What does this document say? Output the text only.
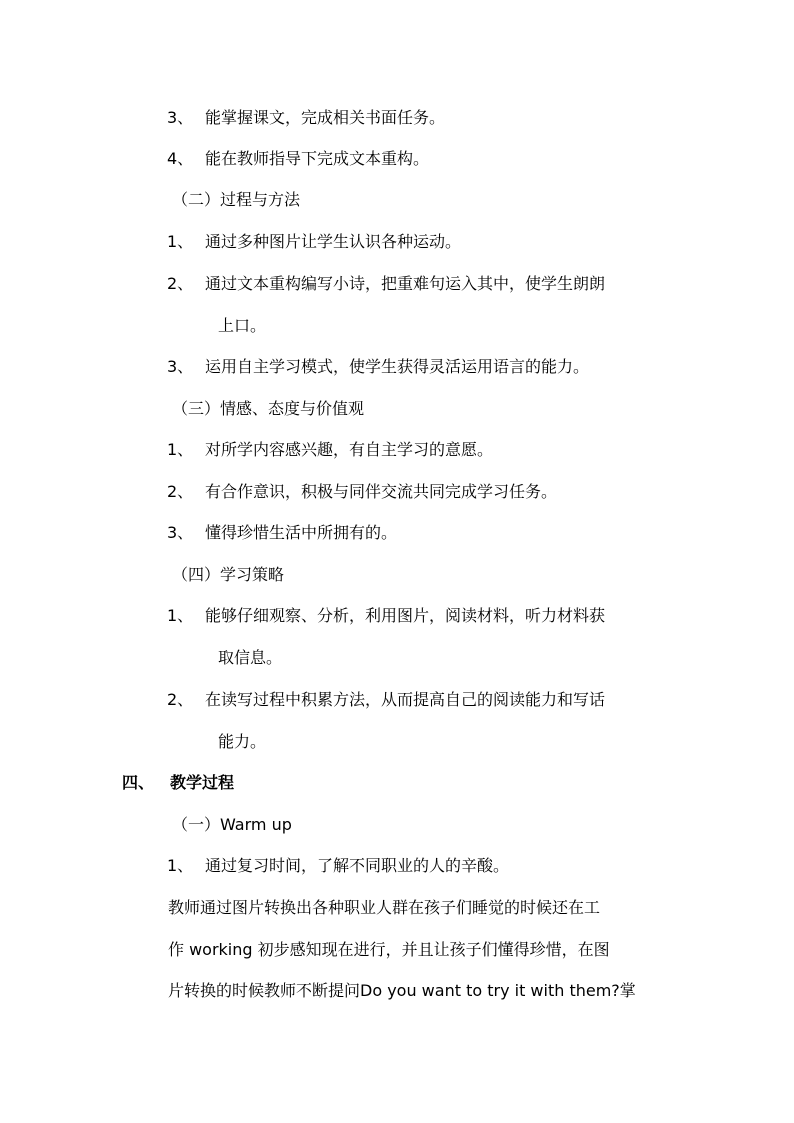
3、 能掌握课文，完成相关书面任务。
4、 能在教师指导下完成文本重构。
（二）过程与方法
1、 通过多种图片让学生认识各种运动。
2、 通过文本重构编写小诗，把重难句运入其中，使学生朗朗
上口。
3、 运用自主学习模式，使学生获得灵活运用语言的能力。
（三）情感、态度与价值观
1、 对所学内容感兴趣，有自主学习的意愿。
2、 有合作意识，积极与同伴交流共同完成学习任务。
3、 懂得珍惜生活中所拥有的。
（四）学习策略
1、 能够仔细观察、分析，利用图片，阅读材料，听力材料获
取信息。
2、 在读写过程中积累方法，从而提高自己的阅读能力和写话
能力。
四、 教学过程
（一）Warm up
1、 通过复习时间，了解不同职业的人的辛酸。
教师通过图片转换出各种职业人群在孩子们睡觉的时候还在工
作 working 初步感知现在进行，并且让孩子们懂得珍惜，在图
片转换的时候教师不断提问Do you want to try it with them?掌
